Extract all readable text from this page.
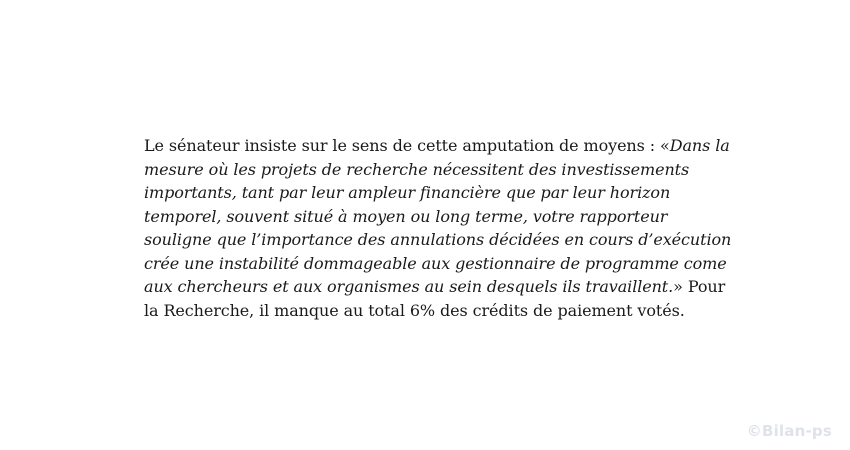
Le sénateur insiste sur le sens de cette amputation de moyens : «Dans la
mesure où les projets de recherche nécessitent des investissements
importants, tant par leur ampleur financière que par leur horizon
temporel, souvent situé à moyen ou long terme, votre rapporteur
souligne que l’importance des annulations décidées en cours d’exécution
crée une instabilité dommageable aux gestionnaire de programme come
aux chercheurs et aux organismes au sein desquels ils travaillent.» Pour
la Recherche, il manque au total 6% des crédits de paiement votés.

©Bilan-ps
